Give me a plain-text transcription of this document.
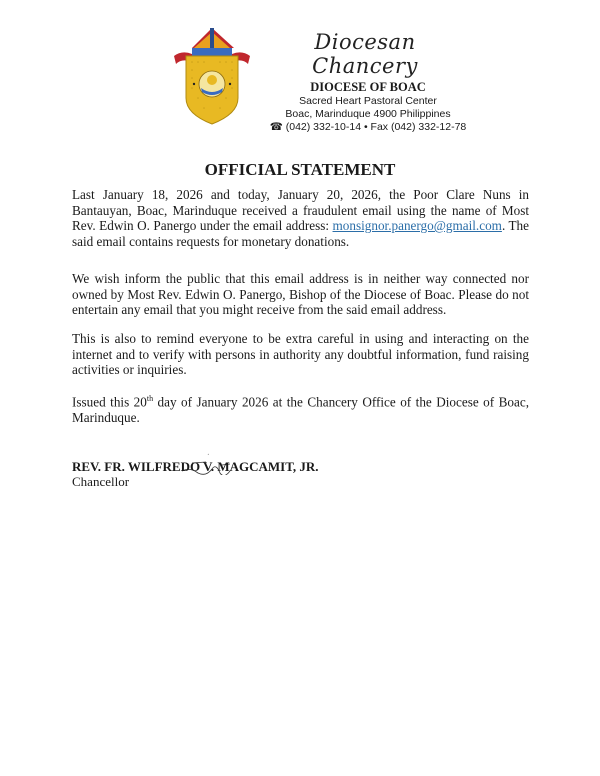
Diocesan Chancery
DIOCESE OF BOAC
Sacred Heart Pastoral Center
Boac, Marinduque 4900 Philippines
☎ (042) 332-10-14 • Fax (042) 332-12-78
OFFICIAL STATEMENT
Last January 18, 2026 and today, January 20, 2026, the Poor Clare Nuns in Bantauyan, Boac, Marinduque received a fraudulent email using the name of Most Rev. Edwin O. Panergo under the email address: monsignor.panergo@gmail.com. The said email contains requests for monetary donations.
We wish inform the public that this email address is in neither way connected nor owned by Most Rev. Edwin O. Panergo, Bishop of the Diocese of Boac. Please do not entertain any email that you might receive from the said email address.
This is also to remind everyone to be extra careful in using and interacting on the internet and to verify with persons in authority any doubtful information, fund raising activities or inquiries.
Issued this 20th day of January 2026 at the Chancery Office of the Diocese of Boac, Marinduque.
REV. FR. WILFREDO V. MAGCAMIT, JR.
Chancellor
